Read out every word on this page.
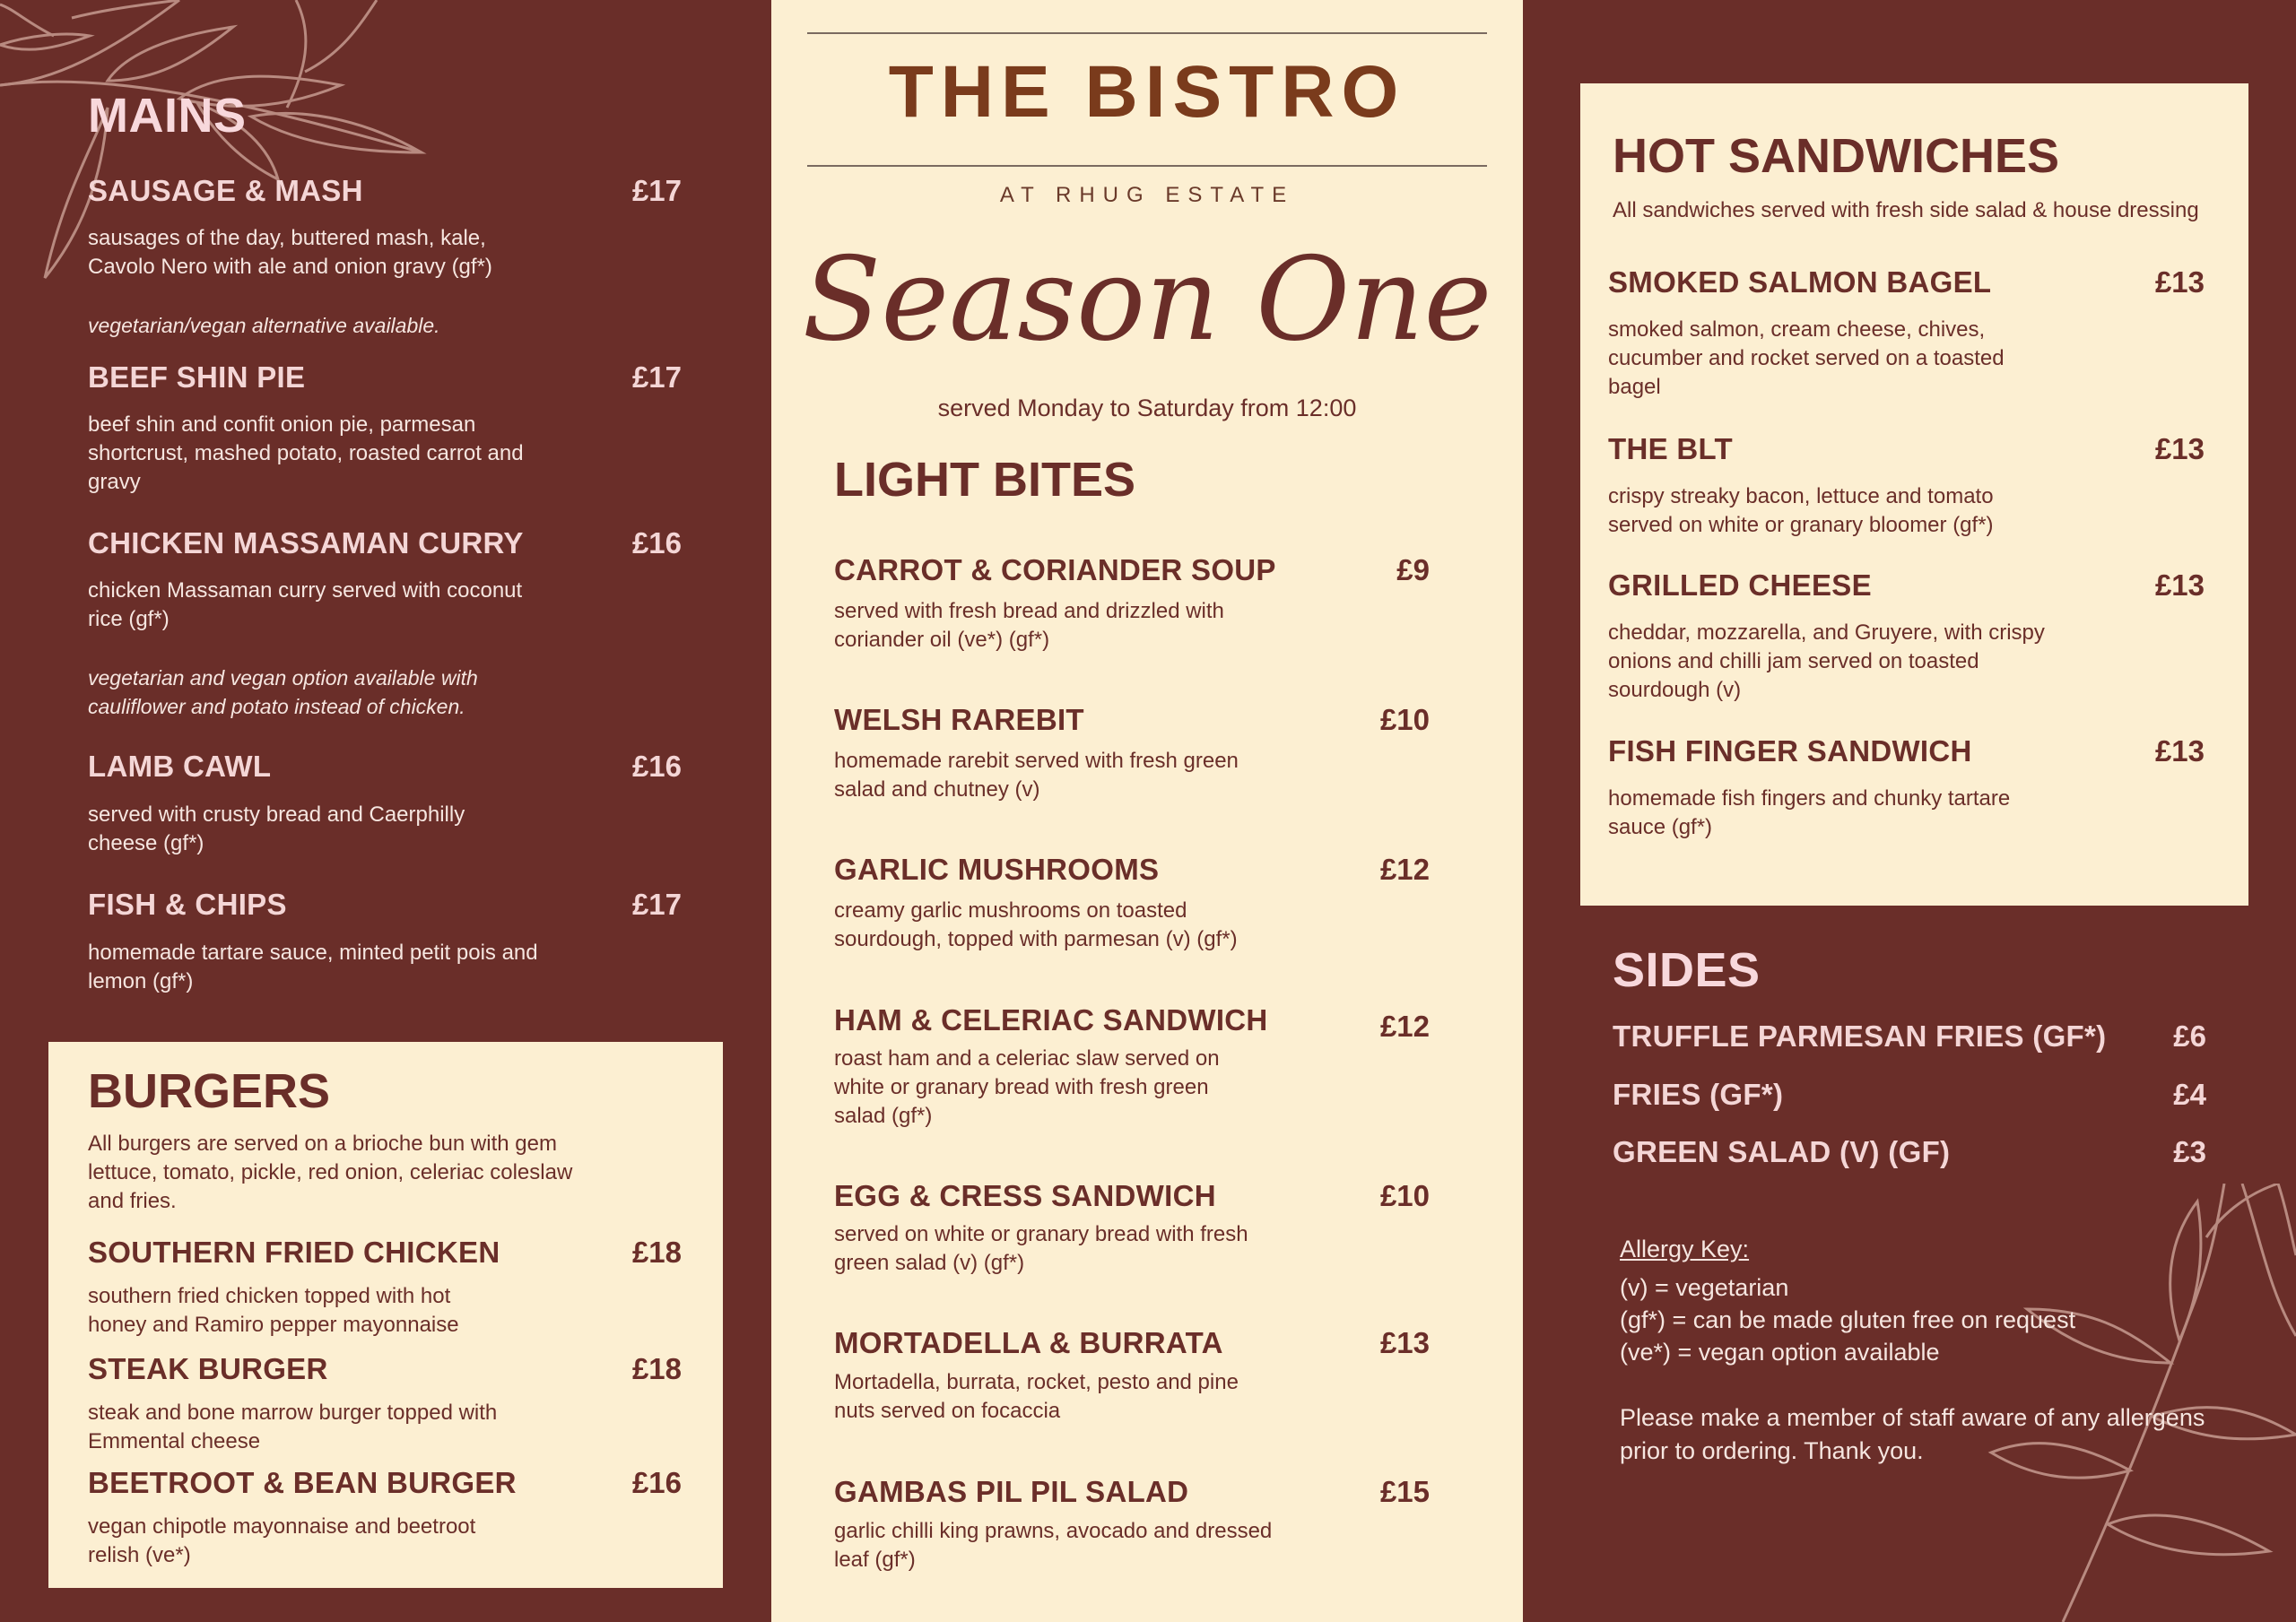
MAINS
SAUSAGE & MASH	£17
sausages of the day, buttered mash, kale, Cavolo Nero with ale and onion gravy (gf*)
vegetarian/vegan alternative available.
BEEF SHIN PIE	£17
beef shin and confit onion pie, parmesan shortcrust, mashed potato, roasted carrot and gravy
CHICKEN MASSAMAN CURRY	£16
chicken Massaman curry served with coconut rice (gf*)
vegetarian and vegan option available with cauliflower and potato instead of chicken.
LAMB CAWL	£16
served with crusty bread and Caerphilly cheese (gf*)
FISH & CHIPS	£17
homemade tartare sauce, minted petit pois and lemon (gf*)
BURGERS
All burgers are served on a brioche bun with gem lettuce, tomato, pickle, red onion, celeriac coleslaw and fries.
SOUTHERN FRIED CHICKEN	£18
southern fried chicken topped with hot honey and Ramiro pepper mayonnaise
STEAK BURGER	£18
steak and bone marrow burger topped with Emmental cheese
BEETROOT & BEAN BURGER	£16
vegan chipotle mayonnaise and beetroot relish (ve*)
THE BISTRO
AT RHUG ESTATE
Season One
served Monday to Saturday from 12:00
LIGHT BITES
CARROT & CORIANDER SOUP	£9
served with fresh bread and drizzled with coriander oil (ve*) (gf*)
WELSH RAREBIT	£10
homemade rarebit served with fresh green salad and chutney (v)
GARLIC MUSHROOMS	£12
creamy garlic mushrooms on toasted sourdough, topped with parmesan (v) (gf*)
HAM & CELERIAC SANDWICH	£12
roast ham and a celeriac slaw served on white or granary bread with fresh green salad (gf*)
EGG & CRESS SANDWICH	£10
served on white or granary bread with fresh green salad (v) (gf*)
MORTADELLA & BURRATA	£13
Mortadella, burrata, rocket, pesto and pine nuts served on focaccia
GAMBAS PIL PIL SALAD	£15
garlic chilli king prawns, avocado and dressed leaf (gf*)
HOT SANDWICHES
All sandwiches served with fresh side salad & house dressing
SMOKED SALMON BAGEL	£13
smoked salmon, cream cheese, chives, cucumber and rocket served on a toasted bagel
THE BLT	£13
crispy streaky bacon, lettuce and tomato served on white or granary bloomer (gf*)
GRILLED CHEESE	£13
cheddar, mozzarella, and Gruyere, with crispy onions and chilli jam served on toasted sourdough (v)
FISH FINGER SANDWICH	£13
homemade fish fingers and chunky tartare sauce (gf*)
SIDES
TRUFFLE PARMESAN FRIES (GF*)	£6
FRIES (GF*)	£4
GREEN SALAD (V) (GF)	£3
Allergy Key:
(v) = vegetarian
(gf*) = can be made gluten free on request
(ve*) = vegan option available
Please make a member of staff aware of any allergens prior to ordering. Thank you.
